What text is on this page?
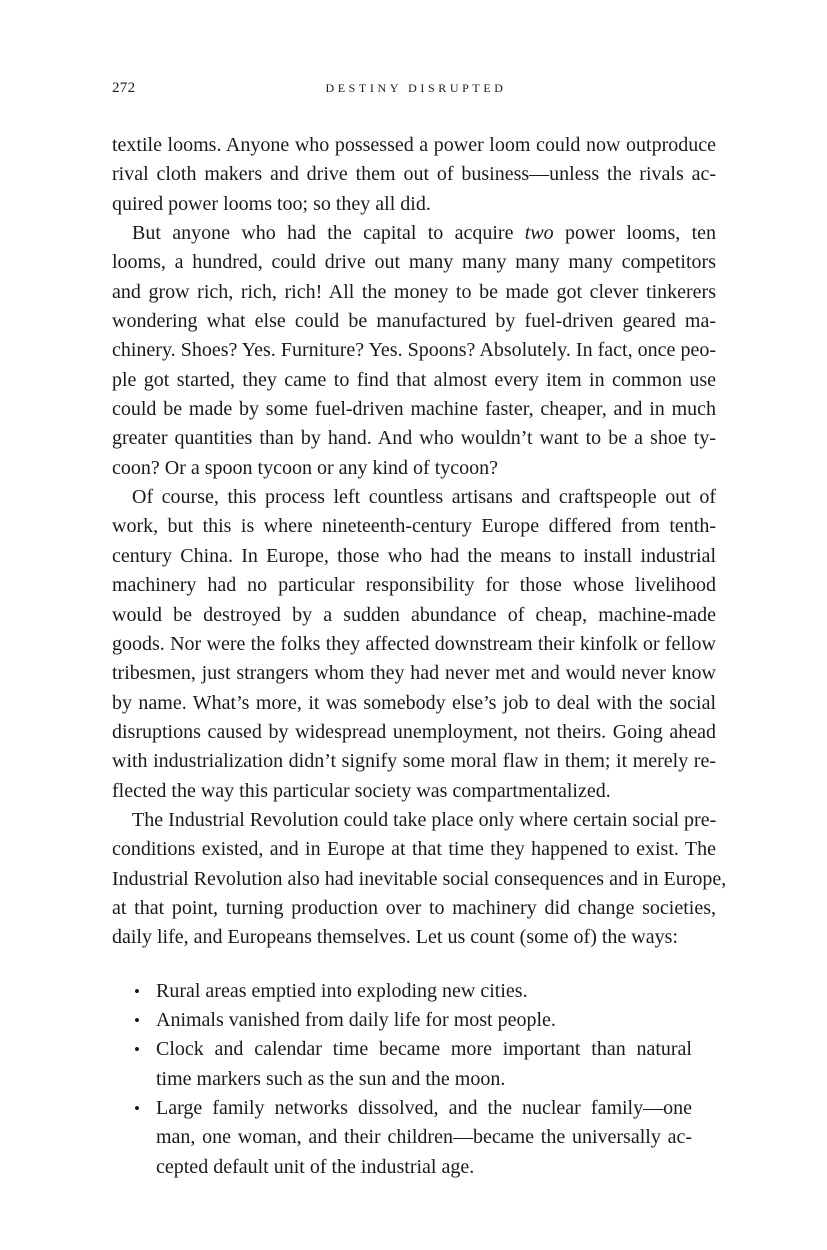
272	DESTINY DISRUPTED
textile looms. Anyone who possessed a power loom could now outproduce
rival cloth makers and drive them out of business—unless the rivals ac-
quired power looms too; so they all did.
But anyone who had the capital to acquire two power looms, ten
looms, a hundred, could drive out many many many many competitors
and grow rich, rich, rich! All the money to be made got clever tinkerers
wondering what else could be manufactured by fuel-driven geared ma-
chinery. Shoes? Yes. Furniture? Yes. Spoons? Absolutely. In fact, once peo-
ple got started, they came to find that almost every item in common use
could be made by some fuel-driven machine faster, cheaper, and in much
greater quantities than by hand. And who wouldn’t want to be a shoe ty-
coon? Or a spoon tycoon or any kind of tycoon?
Of course, this process left countless artisans and craftspeople out of
work, but this is where nineteenth-century Europe differed from tenth-
century China. In Europe, those who had the means to install industrial
machinery had no particular responsibility for those whose livelihood
would be destroyed by a sudden abundance of cheap, machine-made
goods. Nor were the folks they affected downstream their kinfolk or fellow
tribesmen, just strangers whom they had never met and would never know
by name. What’s more, it was somebody else’s job to deal with the social
disruptions caused by widespread unemployment, not theirs. Going ahead
with industrialization didn’t signify some moral flaw in them; it merely re-
flected the way this particular society was compartmentalized.
The Industrial Revolution could take place only where certain social pre-
conditions existed, and in Europe at that time they happened to exist. The
Industrial Revolution also had inevitable social consequences and in Europe,
at that point, turning production over to machinery did change societies,
daily life, and Europeans themselves. Let us count (some of) the ways:
• Rural areas emptied into exploding new cities.
• Animals vanished from daily life for most people.
• Clock and calendar time became more important than natural
time markers such as the sun and the moon.
• Large family networks dissolved, and the nuclear family—one
man, one woman, and their children—became the universally ac-
cepted default unit of the industrial age.
